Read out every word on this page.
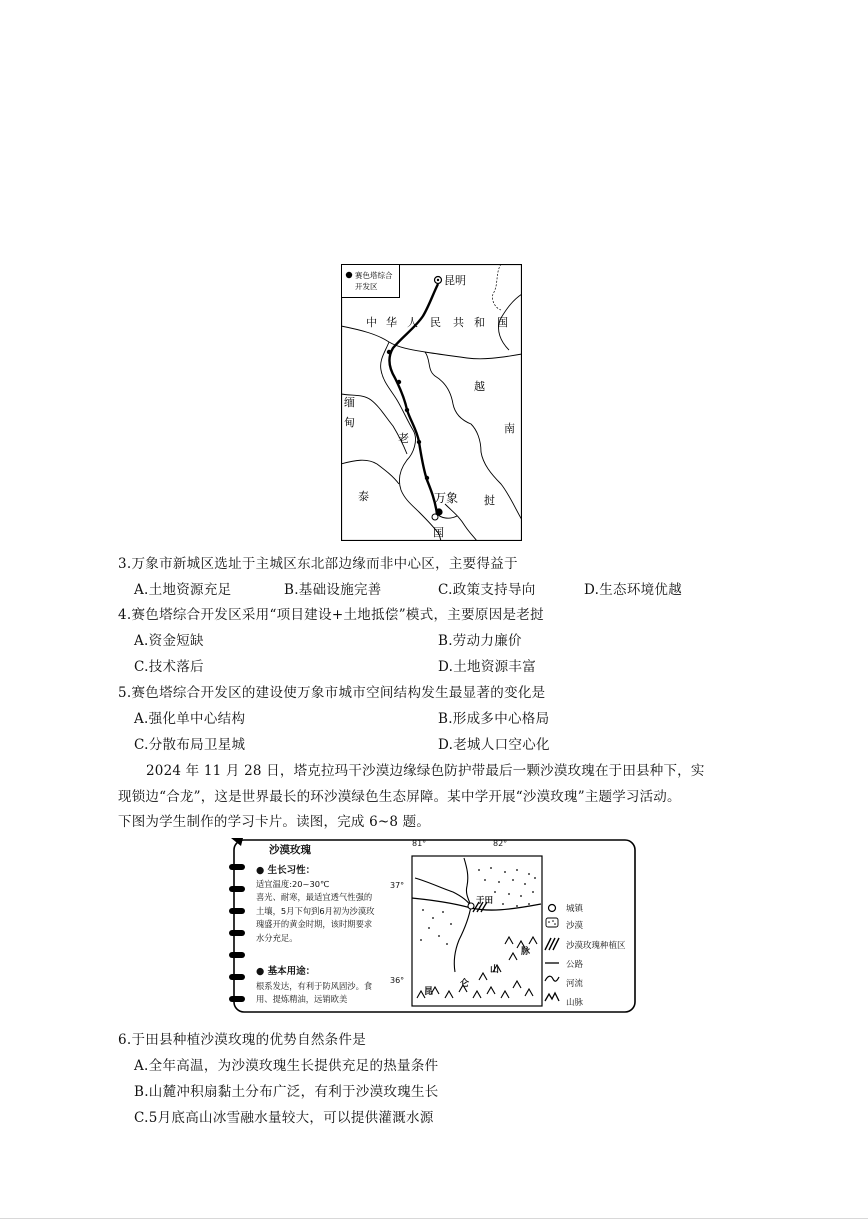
赛色塔综合
开发区	昆明
万象
中 华 人 民 共 和 国
越
南
缅
甸
老
挝
泰
国
3.万象市新城区选址于主城区东北部边缘而非中心区，主要得益于
A.土地资源充足	B.基础设施完善	C.政策支持导向	D.生态环境优越
4.赛色塔综合开发区采用“项目建设+土地抵偿”模式，主要原因是老挝
A.资金短缺	B.劳动力廉价
C.技术落后	D.土地资源丰富
5.赛色塔综合开发区的建设使万象市城市空间结构发生最显著的变化是
A.强化单中心结构	B.形成多中心格局
C.分散布局卫星城	D.老城人口空心化
2024 年 11 月 28 日，塔克拉玛干沙漠边缘绿色防护带最后一颗沙漠玫瑰在于田县种下，实
现锁边“合龙”，这是世界最长的环沙漠绿色生态屏障。某中学开展“沙漠玫瑰”主题学习活动。
下图为学生制作的学习卡片。读图，完成 6~8 题。
沙漠玫瑰
● 生长习性：
适宜温度:20~30℃
喜光、耐寒，最适宜透气性强的
土壤，5月下旬到6月初为沙漠玫
瑰盛开的黄金时期，该时期要求
水分充足。
● 基本用途：
根系发达，有利于防风固沙。食
用、提炼精油，远销欧美
81°	82°
37°
36°
于田
山
昆
仑
脉
城镇
沙漠
沙漠玫瑰种植区
公路
河流
山脉
6.于田县种植沙漠玫瑰的优势自然条件是
A.全年高温，为沙漠玫瑰生长提供充足的热量条件
B.山麓冲积扇黏土分布广泛，有利于沙漠玫瑰生长
C.5月底高山冰雪融水量较大，可以提供灌溉水源
